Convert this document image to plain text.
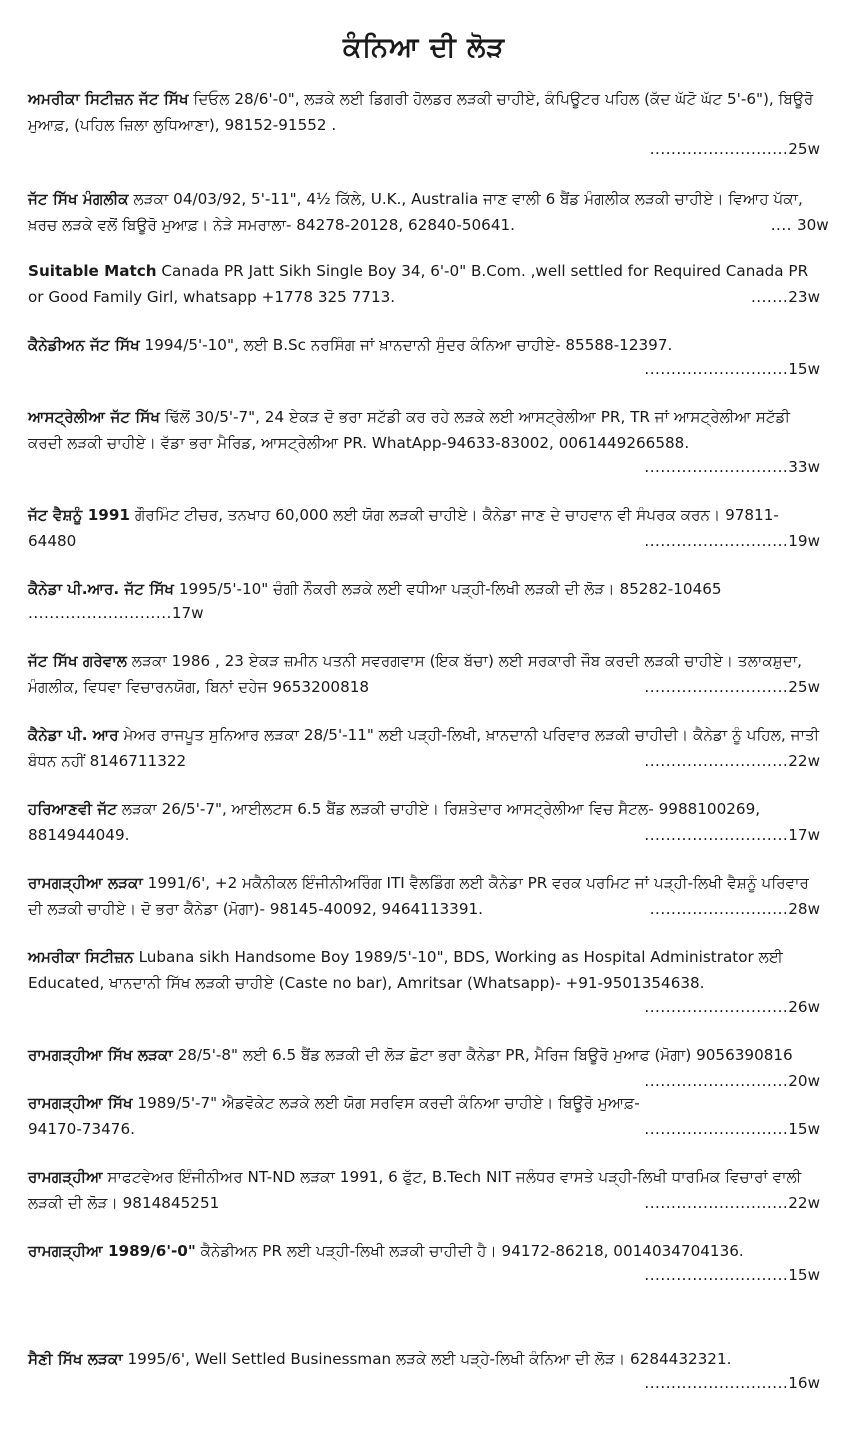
ਕੰਨਿਆ ਦੀ ਲੋੜ
ਅਮਰੀਕਾ ਸਿਟੀਜ਼ਨ ਜੱਟ ਸਿੱਖ ਦਿਓਲ 28/6'-0", ਲੜਕੇ ਲਈ ਡਿਗਰੀ ਹੋਲਡਰ ਲੜਕੀ ਚਾਹੀਏ, ਕੰਪਿਊਟਰ ਪਹਿਲ (ਕੱਦ ਘੱਟੋ ਘੱਟ 5'-6"), ਬਿਊਰੋ ਮੁਆਫ਼, (ਪਹਿਲ ਜ਼ਿਲਾ ਲੁਧਿਆਣਾ), 98152-91552 .
.......................... 25w
ਜੱਟ ਸਿੱਖ ਮੰਗਲੀਕ ਲੜਕਾ 04/03/92, 5'-11", 4½ ਕਿੱਲੇ, U.K., Australia ਜਾਣ ਵਾਲੀ 6 ਬੈਂਡ ਮੰਗਲੀਕ ਲੜਕੀ ਚਾਹੀਏ। ਵਿਆਹ ਪੱਕਾ, ਖ਼ਰਚ ਲੜਕੇ ਵਲੋਂ ਬਿਊਰੋ ਮੁਆਫ਼। ਨੇੜੇ ਸਮਰਾਲਾ- 84278-20128, 62840-50641.	.... 30w
Suitable Match Canada PR Jatt Sikh Single Boy 34, 6'-0" B.Com. ,well settled for Required Canada PR or Good Family Girl, whatsapp +1778 325 7713.	23w
.......
ਕੈਨੇਡੀਅਨ ਜੱਟ ਸਿੱਖ 1994/5'-10", ਲਈ B.Sc ਨਰਸਿੰਗ ਜਾਂ ਖ਼ਾਨਦਾਨੀ ਸੁੰਦਰ ਕੰਨਿਆ ਚਾਹੀਏ- 85588-12397.
........................... 15w
ਆਸਟ੍ਰੇਲੀਆ ਜੱਟ ਸਿੱਖ ਢਿੱਲੋਂ 30/5'-7", 24 ਏਕੜ ਦੋ ਭਰਾ ਸਟੱਡੀ ਕਰ ਰਹੇ ਲੜਕੇ ਲਈ ਆਸਟ੍ਰੇਲੀਆ PR, TR ਜਾਂ ਆਸਟ੍ਰੇਲੀਆ ਸਟੱਡੀ ਕਰਦੀ ਲੜਕੀ ਚਾਹੀਏ। ਵੱਡਾ ਭਰਾ ਮੈਰਿਡ, ਆਸਟ੍ਰੇਲੀਆ PR. WhatApp-94633-83002, 0061449266588.
........................... 33w
ਜੱਟ ਵੈਸ਼ਨੂੰ 1991 ਗੌਰਮਿੰਟ ਟੀਚਰ, ਤਨਖਾਹ 60,000 ਲਈ ਯੋਗ ਲੜਕੀ ਚਾਹੀਏ। ਕੈਨੇਡਾ ਜਾਣ ਦੇ ਚਾਹਵਾਨ ਵੀ ਸੰਪਰਕ ਕਰਨ। 97811-64480	19w
...........................
ਕੈਨੇਡਾ ਪੀ.ਆਰ. ਜੱਟ ਸਿੱਖ 1995/5'-10" ਚੰਗੀ ਨੌਕਰੀ ਲੜਕੇ ਲਈ ਵਧੀਆ ਪੜ੍ਹੀ-ਲਿਖੀ ਲੜਕੀ ਦੀ ਲੋੜ। 85282-10465
........................... 17w
ਜੱਟ ਸਿੱਖ ਗਰੇਵਾਲ ਲੜਕਾ 1986 , 23 ਏਕੜ ਜ਼ਮੀਨ ਪਤਨੀ ਸਵਰਗਵਾਸ (ਇਕ ਬੱਚਾ) ਲਈ ਸਰਕਾਰੀ ਜੌਬ ਕਰਦੀ ਲੜਕੀ ਚਾਹੀਏ। ਤਲਾਕਸ਼ੁਦਾ, ਮੰਗਲੀਕ, ਵਿਧਵਾ ਵਿਚਾਰਨਯੋਗ, ਬਿਨਾਂ ਦਹੇਜ 9653200818	25w
...........................
ਕੈਨੇਡਾ ਪੀ. ਆਰ ਮੇਅਰ ਰਾਜਪੂਤ ਸੁਨਿਆਰ ਲੜਕਾ 28/5'-11" ਲਈ ਪੜ੍ਹੀ-ਲਿਖੀ, ਖ਼ਾਨਦਾਨੀ ਪਰਿਵਾਰ ਲੜਕੀ ਚਾਹੀਦੀ। ਕੈਨੇਡਾ ਨੂੰ ਪਹਿਲ, ਜਾਤੀ ਬੰਧਨ ਨਹੀਂ 8146711322	22w
...........................
ਹਰਿਆਣਵੀ ਜੱਟ ਲੜਕਾ 26/5'-7", ਆਈਲਟਸ 6.5 ਬੈਂਡ ਲੜਕੀ ਚਾਹੀਏ। ਰਿਸ਼ਤੇਦਾਰ ਆਸਟ੍ਰੇਲੀਆ ਵਿਚ ਸੈਟਲ- 9988100269, 8814944049.	17w
...........................
ਰਾਮਗੜ੍ਹੀਆ ਲੜਕਾ 1991/6', +2 ਮਕੈਨੀਕਲ ਇੰਜੀਨੀਅਰਿੰਗ ITI ਵੈਲਡਿੰਗ ਲਈ ਕੈਨੇਡਾ PR ਵਰਕ ਪਰਮਿਟ ਜਾਂ ਪੜ੍ਹੀ-ਲਿਖੀ ਵੈਸ਼ਨੂੰ ਪਰਿਵਾਰ ਦੀ ਲੜਕੀ ਚਾਹੀਏ। ਦੋ ਭਰਾ ਕੈਨੇਡਾ (ਮੋਗਾ)- 98145-40092, 9464113391.	28w
..........................
ਅਮਰੀਕਾ ਸਿਟੀਜ਼ਨ Lubana sikh Handsome Boy 1989/5'-10", BDS, Working as Hospital Administrator ਲਈ Educated, ਖਾਨਦਾਨੀ ਸਿੱਖ ਲੜਕੀ ਚਾਹੀਏ (Caste no bar), Amritsar (Whatsapp)- +91-9501354638.
........................... 26w
ਰਾਮਗੜ੍ਹੀਆ ਸਿੱਖ ਲੜਕਾ 28/5'-8" ਲਈ 6.5 ਬੈਂਡ ਲੜਕੀ ਦੀ ਲੋੜ ਛੋਟਾ ਭਰਾ ਕੈਨੇਡਾ PR, ਮੈਰਿਜ ਬਿਊਰੋ ਮੁਆਫ (ਮੋਗਾ) 9056390816
20w
...........................
ਰਾਮਗੜ੍ਹੀਆ ਸਿੱਖ 1989/5'-7" ਐਡਵੋਕੇਟ ਲੜਕੇ ਲਈ ਯੋਗ ਸਰਵਿਸ ਕਰਦੀ ਕੰਨਿਆ ਚਾਹੀਏ। ਬਿਊਰੋ ਮੁਆਫ਼- 94170-73476.	15w
...........................
ਰਾਮਗੜ੍ਹੀਆ ਸਾਫਟਵੇਅਰ ਇੰਜੀਨੀਅਰ NT-ND ਲੜਕਾ 1991, 6 ਫੁੱਟ, B.Tech NIT ਜਲੰਧਰ ਵਾਸਤੇ ਪੜ੍ਹੀ-ਲਿਖੀ ਧਾਰਮਿਕ ਵਿਚਾਰਾਂ ਵਾਲੀ ਲੜਕੀ ਦੀ ਲੋੜ। 9814845251	22w
...........................
ਰਾਮਗੜ੍ਹੀਆ 1989/6'-0" ਕੈਨੇਡੀਅਨ PR ਲਈ ਪੜ੍ਹੀ-ਲਿਖੀ ਲੜਕੀ ਚਾਹੀਦੀ ਹੈ। 94172-86218, 0014034704136.
........................... 15w
ਸੈਣੀ ਸਿੱਖ ਲੜਕਾ 1995/6', Well Settled Businessman ਲੜਕੇ ਲਈ ਪੜ੍ਹੇ-ਲਿਖੀ ਕੰਨਿਆ ਦੀ ਲੋੜ। 6284432321.
........................... 16w
